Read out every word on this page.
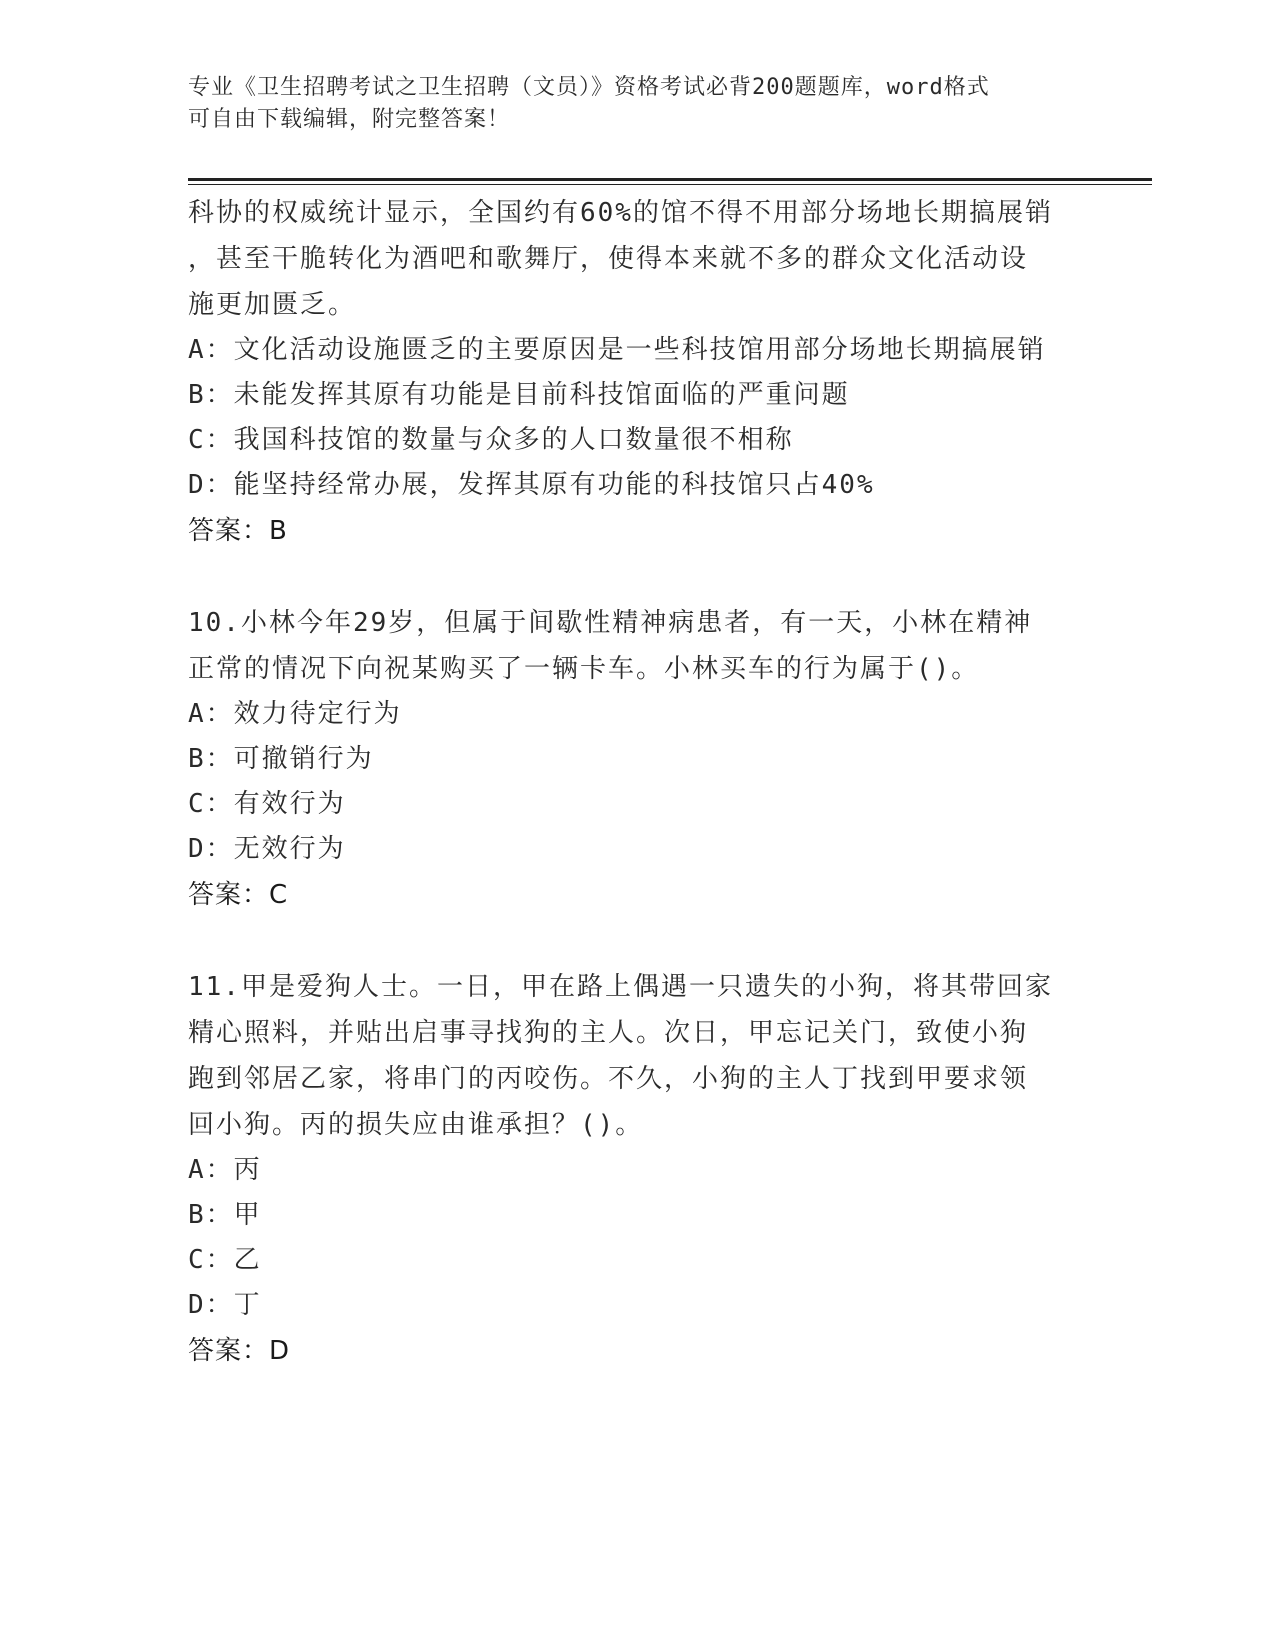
专业《卫生招聘考试之卫生招聘（文员）》资格考试必背200题题库，word格式
可自由下载编辑，附完整答案！

科协的权威统计显示，全国约有60%的馆不得不用部分场地长期搞展销

，甚至干脆转化为酒吧和歌舞厅，使得本来就不多的群众文化活动设

施更加匮乏。

A：文化活动设施匮乏的主要原因是一些科技馆用部分场地长期搞展销

B：未能发挥其原有功能是目前科技馆面临的严重问题

C：我国科技馆的数量与众多的人口数量很不相称

D：能坚持经常办展，发挥其原有功能的科技馆只占40%

答案：B

10.小林今年29岁，但属于间歇性精神病患者，有一天，小林在精神

正常的情况下向祝某购买了一辆卡车。小林买车的行为属于()。

A：效力待定行为

B：可撤销行为

C：有效行为

D：无效行为

答案：C

11.甲是爱狗人士。一日，甲在路上偶遇一只遗失的小狗，将其带回家

精心照料，并贴出启事寻找狗的主人。次日，甲忘记关门，致使小狗

跑到邻居乙家，将串门的丙咬伤。不久，小狗的主人丁找到甲要求领

回小狗。丙的损失应由谁承担？()。

A：丙

B：甲

C：乙

D：丁

答案：D
